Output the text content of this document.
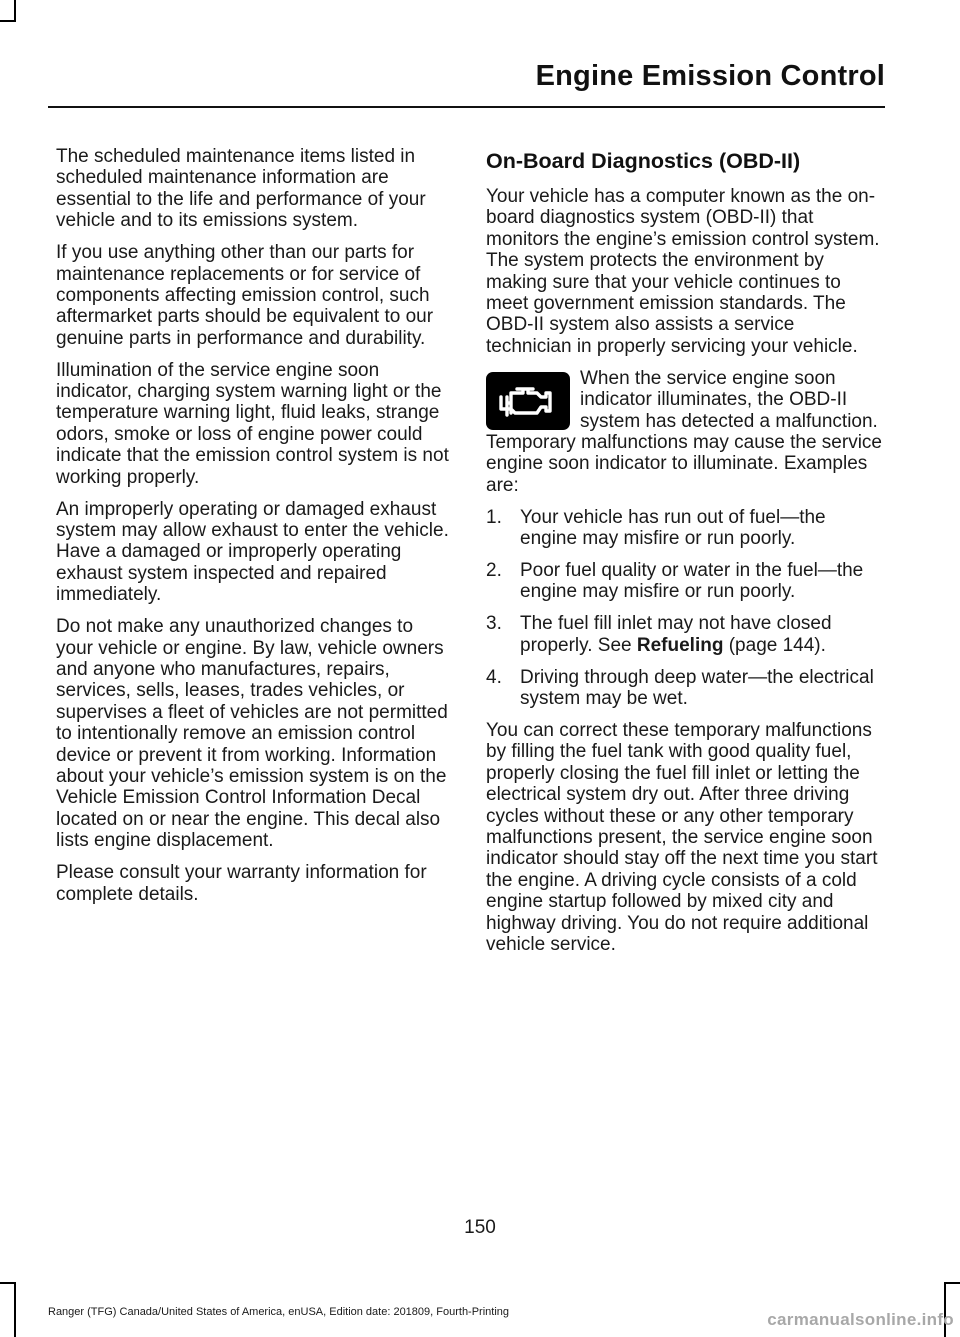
Engine Emission Control

The scheduled maintenance items listed in scheduled maintenance information are essential to the life and performance of your vehicle and to its emissions system.

If you use anything other than our parts for maintenance replacements or for service of components affecting emission control, such aftermarket parts should be equivalent to our genuine parts in performance and durability.

Illumination of the service engine soon indicator, charging system warning light or the temperature warning light, fluid leaks, strange odors, smoke or loss of engine power could indicate that the emission control system is not working properly.

An improperly operating or damaged exhaust system may allow exhaust to enter the vehicle. Have a damaged or improperly operating exhaust system inspected and repaired immediately.

Do not make any unauthorized changes to your vehicle or engine. By law, vehicle owners and anyone who manufactures, repairs, services, sells, leases, trades vehicles, or supervises a fleet of vehicles are not permitted to intentionally remove an emission control device or prevent it from working. Information about your vehicle’s emission system is on the Vehicle Emission Control Information Decal located on or near the engine. This decal also lists engine displacement.

Please consult your warranty information for complete details.

On-Board Diagnostics (OBD-II)

Your vehicle has a computer known as the on-board diagnostics system (OBD-II) that monitors the engine’s emission control system. The system protects the environment by making sure that your vehicle continues to meet government emission standards. The OBD-II system also assists a service technician in properly servicing your vehicle.

When the service engine soon indicator illuminates, the OBD-II system has detected a malfunction. Temporary malfunctions may cause the service engine soon indicator to illuminate. Examples are:
1. Your vehicle has run out of fuel—the engine may misfire or run poorly.
2. Poor fuel quality or water in the fuel—the engine may misfire or run poorly.
3. The fuel fill inlet may not have closed properly. See Refueling (page 144).
4. Driving through deep water—the electrical system may be wet.

You can correct these temporary malfunctions by filling the fuel tank with good quality fuel, properly closing the fuel fill inlet or letting the electrical system dry out. After three driving cycles without these or any other temporary malfunctions present, the service engine soon indicator should stay off the next time you start the engine. A driving cycle consists of a cold engine startup followed by mixed city and highway driving. You do not require additional vehicle service.

150
Ranger (TFG) Canada/United States of America, enUSA, Edition date: 201809, Fourth-Printing	carmanualsonline.info
